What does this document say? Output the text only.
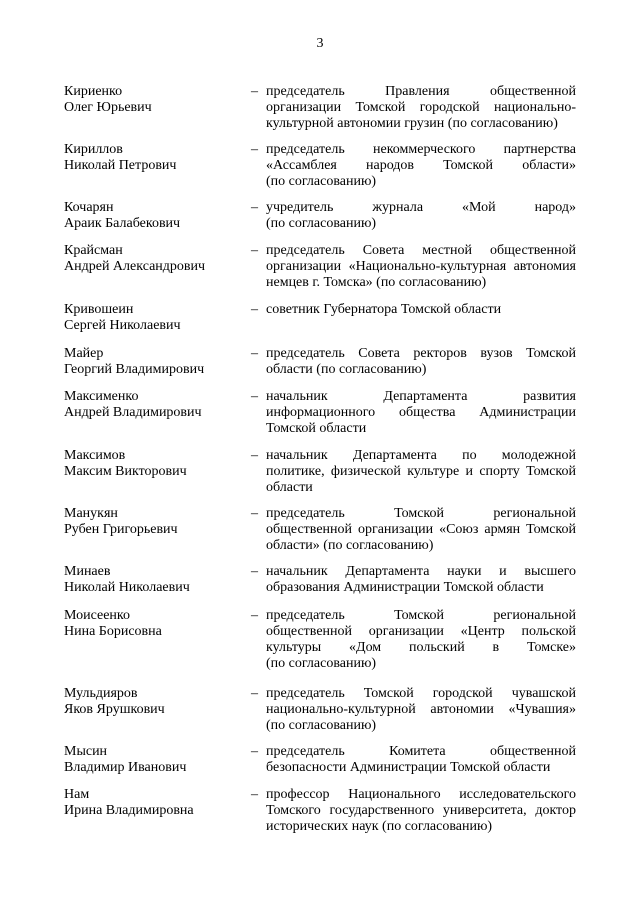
3
Кириенко
Олег Юрьевич
– председатель Правления общественной
организации Томской городской национально-
культурной автономии грузин (по согласованию)
Кириллов
Николай Петрович
– председатель некоммерческого партнерства
«Ассамблея народов Томской области»
(по согласованию)
Кочарян
Араик Балабекович
– учредитель журнала «Мой народ»
(по согласованию)
Крайсман
Андрей Александрович
– председатель Совета местной общественной
организации «Национально-культурная автономия
немцев г. Томска» (по согласованию)
Кривошеин
Сергей Николаевич
– советник Губернатора Томской области
Майер
Георгий Владимирович
– председатель Совета ректоров вузов Томской
области (по согласованию)
Максименко
Андрей Владимирович
– начальник Департамента развития
информационного общества Администрации
Томской области
Максимов
Максим Викторович
– начальник Департамента по молодежной
политике, физической культуре и спорту Томской
области
Манукян
Рубен Григорьевич
– председатель Томской региональной
общественной организации «Союз армян Томской
области» (по согласованию)
Минаев
Николай Николаевич
– начальник Департамента науки и высшего
образования Администрации Томской области
Моисеенко
Нина Борисовна
– председатель Томской региональной
общественной организации «Центр польской
культуры «Дом польский в Томске»
(по согласованию)
Мульдияров
Яков Ярушкович
– председатель Томской городской чувашской
национально-культурной автономии «Чувашия»
(по согласованию)
Мысин
Владимир Иванович
– председатель Комитета общественной
безопасности Администрации Томской области
Нам
Ирина Владимировна
– профессор Национального исследовательского
Томского государственного университета, доктор
исторических наук (по согласованию)
